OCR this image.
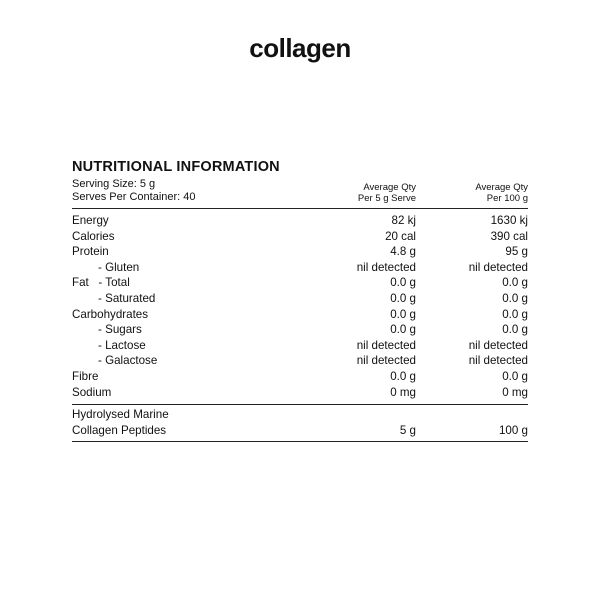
collagen
NUTRITIONAL INFORMATION
Serving Size: 5 g
Serves Per Container: 40
Average Qty
Per 5 g Serve
Average Qty
Per 100 g
Energy	82 kj	1630 kj
Calories	20 cal	390 cal
Protein	4.8 g	95 g
- Gluten	nil detected	nil detected
Fat   - Total	0.0 g	0.0 g
- Saturated	0.0 g	0.0 g
Carbohydrates	0.0 g	0.0 g
- Sugars	0.0 g	0.0 g
- Lactose	nil detected	nil detected
- Galactose	nil detected	nil detected
Fibre	0.0 g	0.0 g
Sodium	0 mg	0 mg
Hydrolysed Marine
Collagen Peptides	5 g	100 g
